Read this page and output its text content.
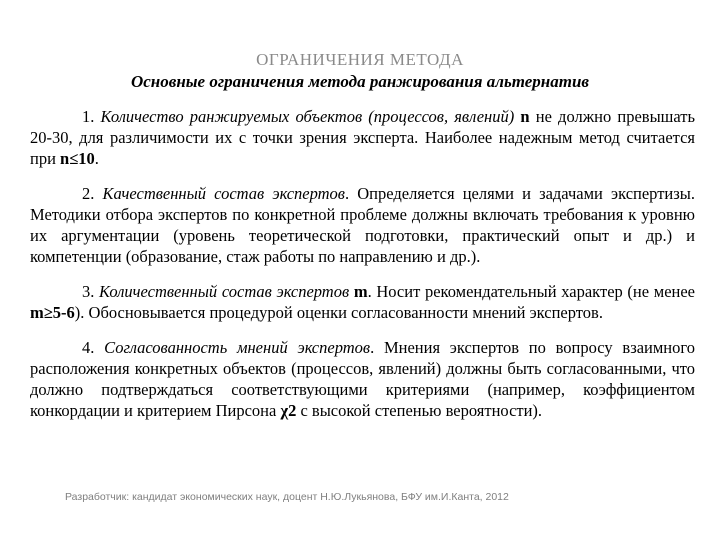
ОГРАНИЧЕНИЯ МЕТОДА
Основные ограничения метода ранжирования альтернатив

1. Количество ранжируемых объектов (процессов, явлений) n не должно превышать 20-30, для различимости их с точки зрения эксперта. Наиболее надежным метод считается при n≤10.

2. Качественный состав экспертов. Определяется целями и задачами экспертизы. Методики отбора экспертов по конкретной проблеме должны включать требования к уровню их аргументации (уровень теоретической подготовки, практический опыт и др.) и компетенции (образование, стаж работы по направлению и др.).

3. Количественный состав экспертов m. Носит рекомендательный характер (не менее m≥5-6). Обосновывается процедурой оценки согласованности мнений экспертов.

4. Согласованность мнений экспертов. Мнения экспертов по вопросу взаимного расположения конкретных объектов (процессов, явлений) должны быть согласованными, что должно подтверждаться соответствующими критериями (например, коэффициентом конкордации и критерием Пирсона χ2 с высокой степенью вероятности).

Разработчик: кандидат экономических наук, доцент Н.Ю.Лукьянова, БФУ им.И.Канта, 2012
